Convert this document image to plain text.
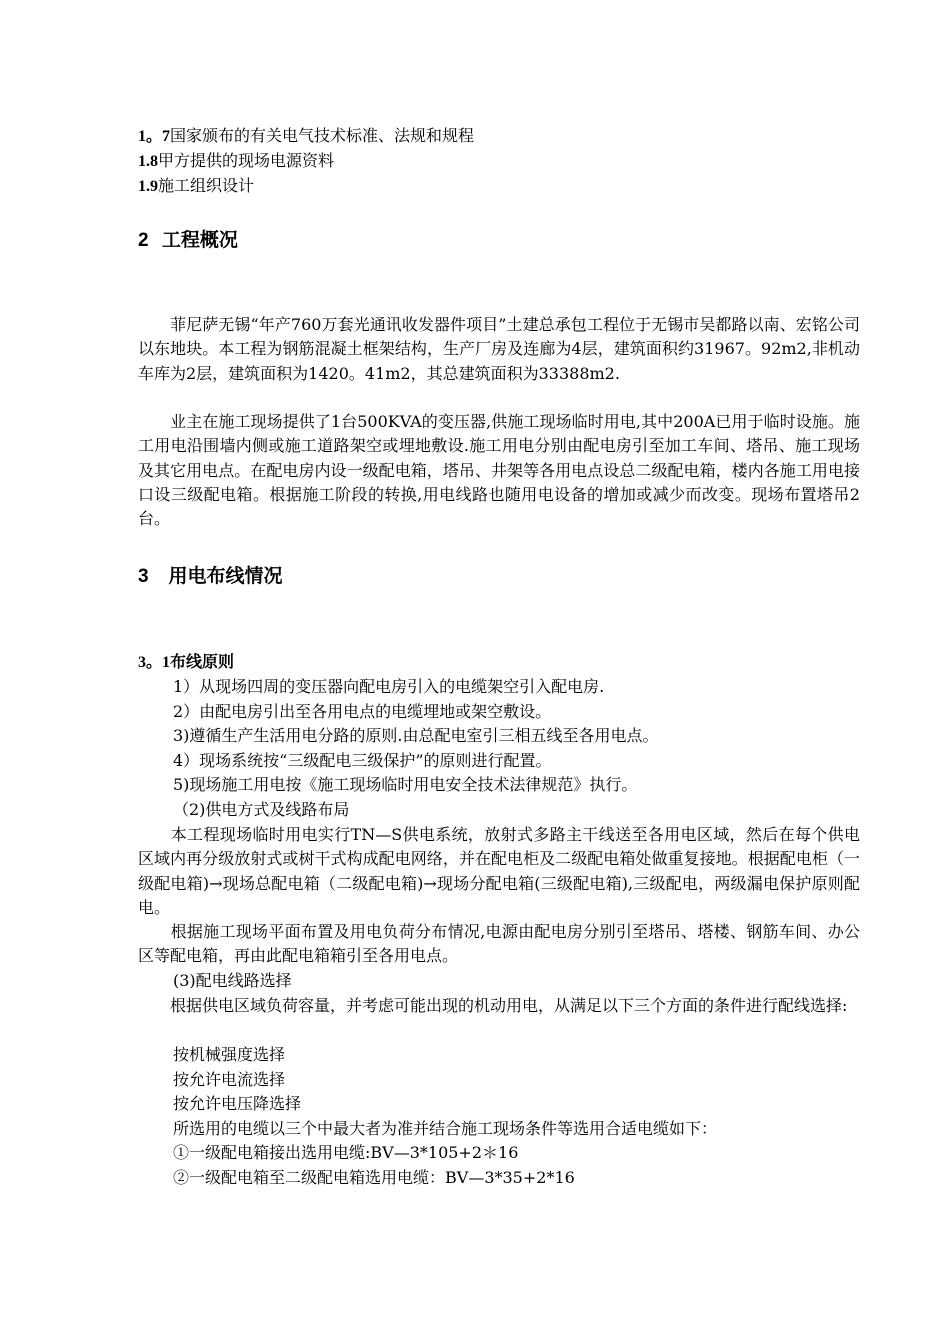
1。7国家颁布的有关电气技术标准、法规和规程
1.8甲方提供的现场电源资料
1.9施工组织设计
2 工程概况
　　菲尼萨无锡“年产760万套光通讯收发器件项目”土建总承包工程位于无锡市吴都路以南、宏铭公司以东地块。本工程为钢筋混凝土框架结构，生产厂房及连廊为4层，建筑面积约31967。92m2,非机动车库为2层，建筑面积为1420。41m2，其总建筑面积为33388m2.
　　业主在施工现场提供了1台500KVA的变压器,供施工现场临时用电,其中200A已用于临时设施。施工用电沿围墙内侧或施工道路架空或埋地敷设.施工用电分别由配电房引至加工车间、塔吊、施工现场及其它用电点。在配电房内设一级配电箱，塔吊、井架等各用电点设总二级配电箱，楼内各施工用电接口设三级配电箱。根据施工阶段的转换,用电线路也随用电设备的增加或减少而改变。现场布置塔吊2台。
3 用电布线情况
3。1布线原则
1）从现场四周的变压器向配电房引入的电缆架空引入配电房.
2）由配电房引出至各用电点的电缆埋地或架空敷设。
3)遵循生产生活用电分路的原则.由总配电室引三相五线至各用电点。
4）现场系统按“三级配电三级保护”的原则进行配置。
5)现场施工用电按《施工现场临时用电安全技术法律规范》执行。
（2)供电方式及线路布局
　　本工程现场临时用电实行TN—S供电系统，放射式多路主干线送至各用电区域，然后在每个供电区域内再分级放射式或树干式构成配电网络，并在配电柜及二级配电箱处做重复接地。根据配电柜（一级配电箱)→现场总配电箱（二级配电箱)→现场分配电箱(三级配电箱),三级配电，两级漏电保护原则配电。
　　根据施工现场平面布置及用电负荷分布情况,电源由配电房分别引至塔吊、塔楼、钢筋车间、办公区等配电箱，再由此配电箱箱引至各用电点。
(3)配电线路选择
　　根据供电区域负荷容量，并考虑可能出现的机动用电，从满足以下三个方面的条件进行配线选择:
按机械强度选择
按允许电流选择
按允许电压降选择
所选用的电缆以三个中最大者为准并结合施工现场条件等选用合适电缆如下：
①一级配电箱接出选用电缆:BV—3*105+2＊16
②一级配电箱至二级配电箱选用电缆：BV—3*35+2*16
